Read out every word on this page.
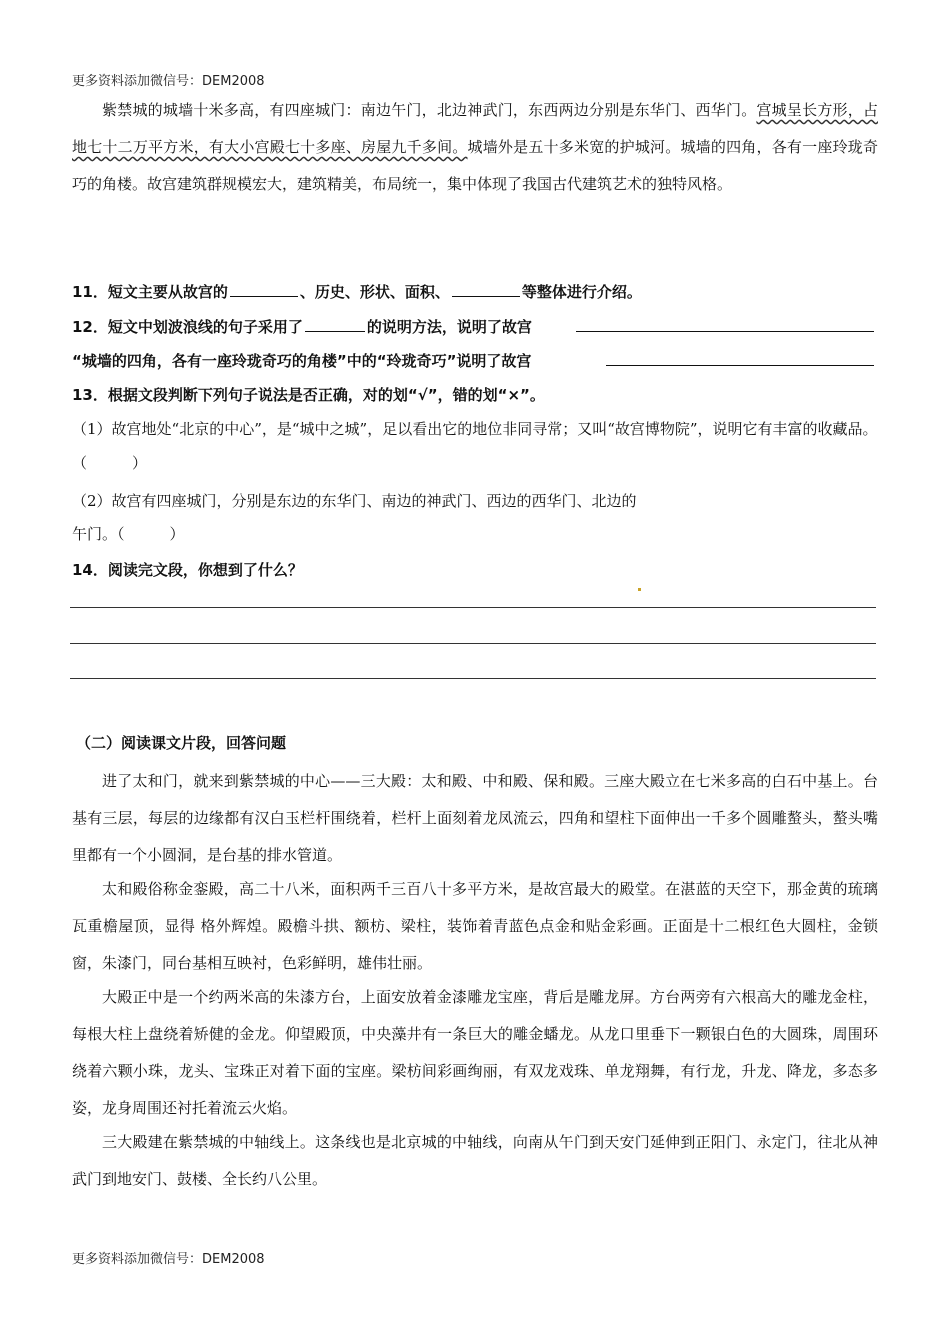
更多资料添加微信号：DEM2008
紫禁城的城墙十米多高，有四座城门：南边午门，北边神武门，东西两边分别是东华门、西华门。宫城呈长方形，占地七十二万平方米，有大小宫殿七十多座、房屋九千多间。城墙外是五十多米宽的护城河。城墙的四角，各有一座玲珑奇巧的角楼。故宫建筑群规模宏大，建筑精美，布局统一，集中体现了我国古代建筑艺术的独特风格。
11．短文主要从故宫的	、历史、形状、面积、	等整体进行介绍。
12．短文中划波浪线的句子采用了	的说明方法，说明了故宫
“城墙的四角，各有一座玲珑奇巧的角楼”中的“玲珑奇巧”说明了故宫
13．根据文段判断下列句子说法是否正确，对的划“√”，错的划“×”。
（1）故宫地处“北京的中心”，是“城中之城”，足以看出它的地位非同寻常；又叫“故宫博物院”，说明它有丰富的收藏品。（　　　）
（2）故宫有四座城门，分别是东边的东华门、南边的神武门、西边的西华门、北边的
午门。（　　　）
14．阅读完文段，你想到了什么？
（二）阅读课文片段，回答问题
进了太和门，就来到紫禁城的中心——三大殿：太和殿、中和殿、保和殿。三座大殿立在七米多高的白石中基上。台基有三层，每层的边缘都有汉白玉栏杆围绕着，栏杆上面刻着龙凤流云，四角和望柱下面伸出一千多个圆雕螯头，螯头嘴里都有一个小圆洞，是台基的排水管道。
太和殿俗称金銮殿，高二十八米，面积两千三百八十多平方米，是故宫最大的殿堂。在湛蓝的天空下，那金黄的琉璃瓦重檐屋顶，显得 格外辉煌。殿檐斗拱、额枋、梁柱，装饰着青蓝色点金和贴金彩画。正面是十二根红色大圆柱，金锁窗，朱漆门，同台基相互映衬，色彩鲜明，雄伟壮丽。
大殿正中是一个约两米高的朱漆方台，上面安放着金漆雕龙宝座，背后是雕龙屏。方台两旁有六根高大的雕龙金柱，每根大柱上盘绕着矫健的金龙。仰望殿顶，中央藻井有一条巨大的雕金蟠龙。从龙口里垂下一颗银白色的大圆珠，周围环绕着六颗小珠，龙头、宝珠正对着下面的宝座。梁枋间彩画绚丽，有双龙戏珠、单龙翔舞，有行龙，升龙、降龙，多态多姿，龙身周围还衬托着流云火焰。
三大殿建在紫禁城的中轴线上。这条线也是北京城的中轴线，向南从午门到天安门延伸到正阳门、永定门，往北从神武门到地安门、鼓楼、全长约八公里。
更多资料添加微信号：DEM2008
